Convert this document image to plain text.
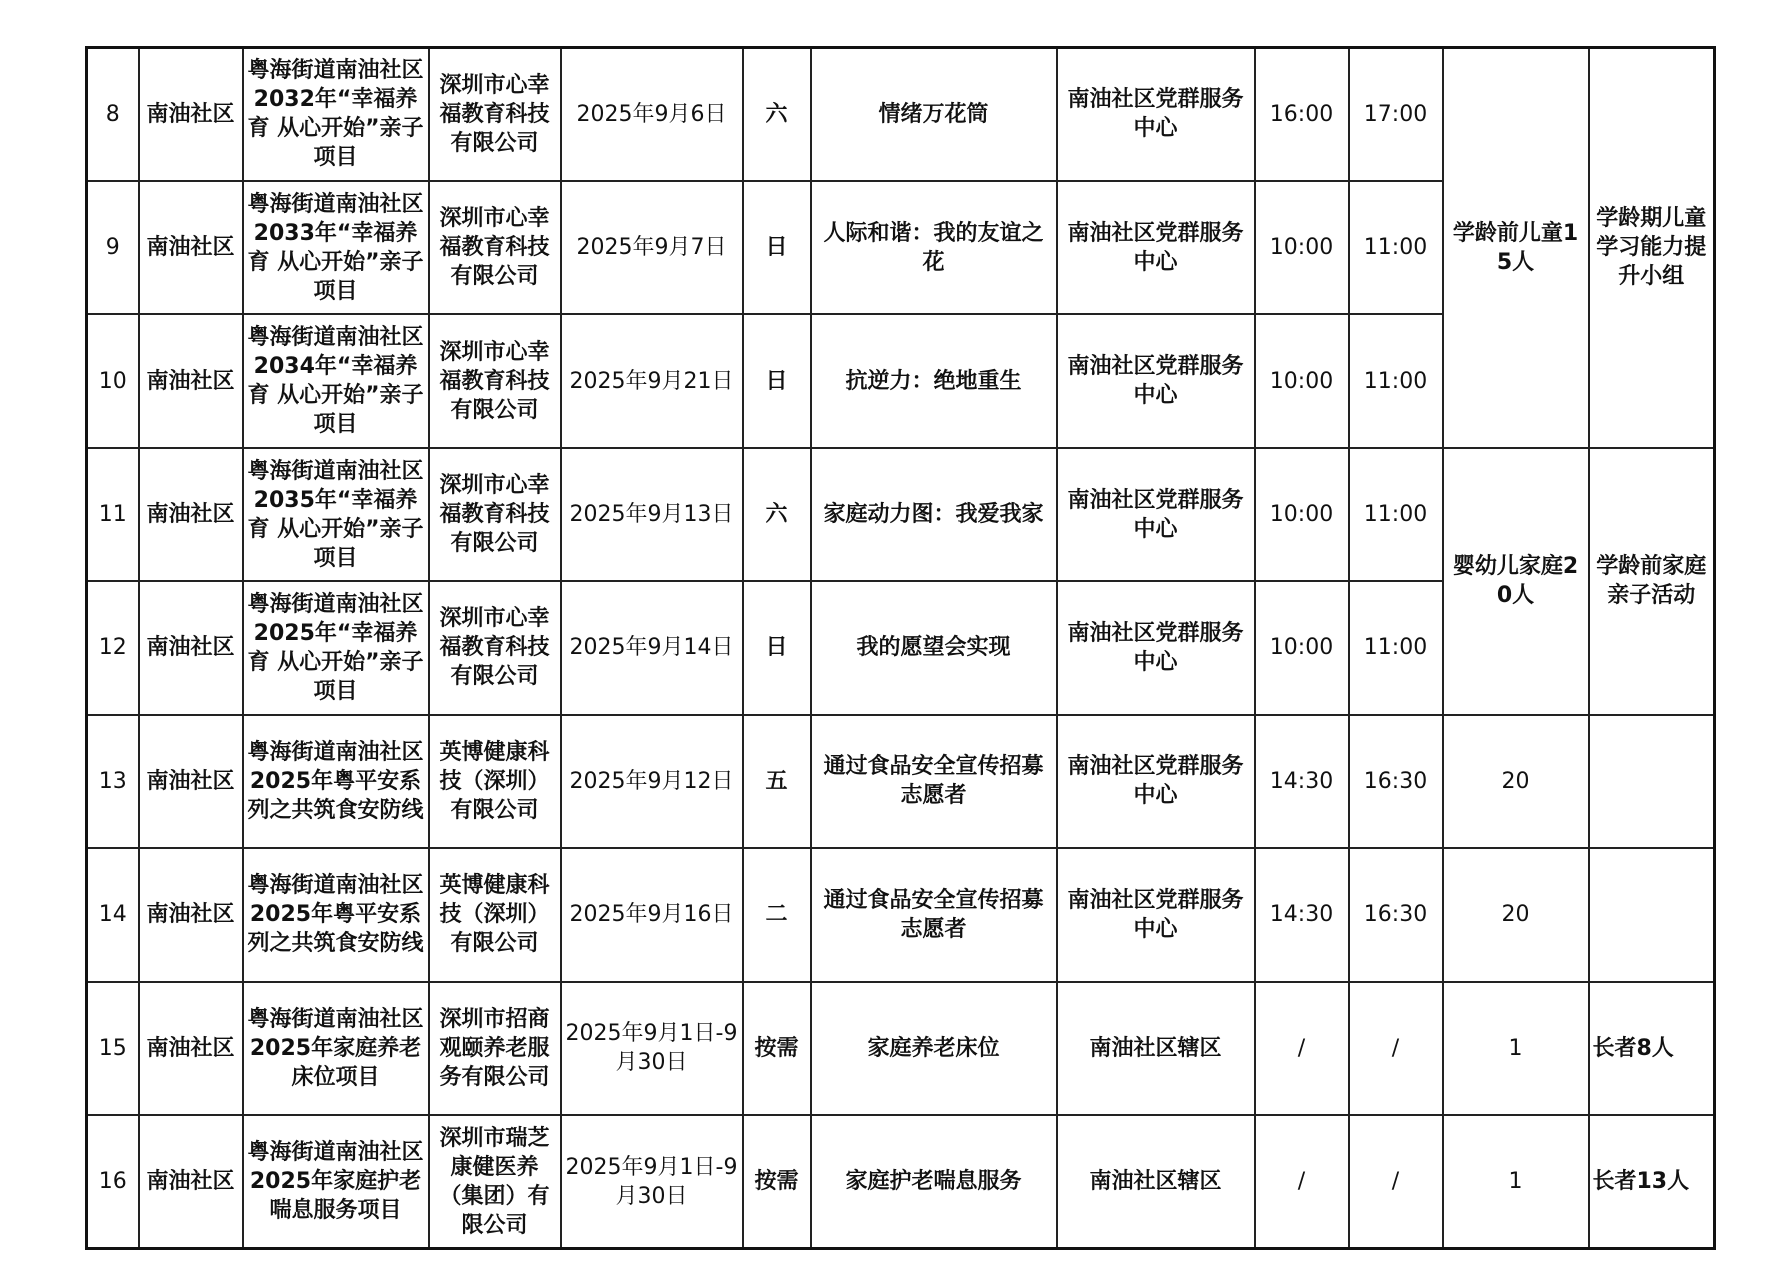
8	南油社区	粤海街道南油社区2032年“幸福养育 从心开始”亲子项目	深圳市心幸福教育科技有限公司	2025年9月6日	六	情绪万花筒	南油社区党群服务中心	16:00	17:00	学龄前儿童15人	学龄期儿童学习能力提升小组
9	南油社区	粤海街道南油社区2033年“幸福养育 从心开始”亲子项目	深圳市心幸福教育科技有限公司	2025年9月7日	日	人际和谐：我的友谊之花	南油社区党群服务中心	10:00	11:00		
10	南油社区	粤海街道南油社区2034年“幸福养育 从心开始”亲子项目	深圳市心幸福教育科技有限公司	2025年9月21日	日	抗逆力：绝地重生	南油社区党群服务中心	10:00	11:00		
11	南油社区	粤海街道南油社区2035年“幸福养育 从心开始”亲子项目	深圳市心幸福教育科技有限公司	2025年9月13日	六	家庭动力图：我爱我家	南油社区党群服务中心	10:00	11:00	婴幼儿家庭20人	学龄前家庭亲子活动
12	南油社区	粤海街道南油社区2025年“幸福养育 从心开始”亲子项目	深圳市心幸福教育科技有限公司	2025年9月14日	日	我的愿望会实现	南油社区党群服务中心	10:00	11:00		
13	南油社区	粤海街道南油社区2025年粤平安系列之共筑食安防线	英博健康科技（深圳）有限公司	2025年9月12日	五	通过食品安全宣传招募志愿者	南油社区党群服务中心	14:30	16:30	20	
14	南油社区	粤海街道南油社区2025年粤平安系列之共筑食安防线	英博健康科技（深圳）有限公司	2025年9月16日	二	通过食品安全宣传招募志愿者	南油社区党群服务中心	14:30	16:30	20	
15	南油社区	粤海街道南油社区2025年家庭养老床位项目	深圳市招商观颐养老服务有限公司	2025年9月1日-9月30日	按需	家庭养老床位	南油社区辖区	/	/	1	长者8人
16	南油社区	粤海街道南油社区2025年家庭护老喘息服务项目	深圳市瑞芝康健医养（集团）有限公司	2025年9月1日-9月30日	按需	家庭护老喘息服务	南油社区辖区	/	/	1	长者13人
